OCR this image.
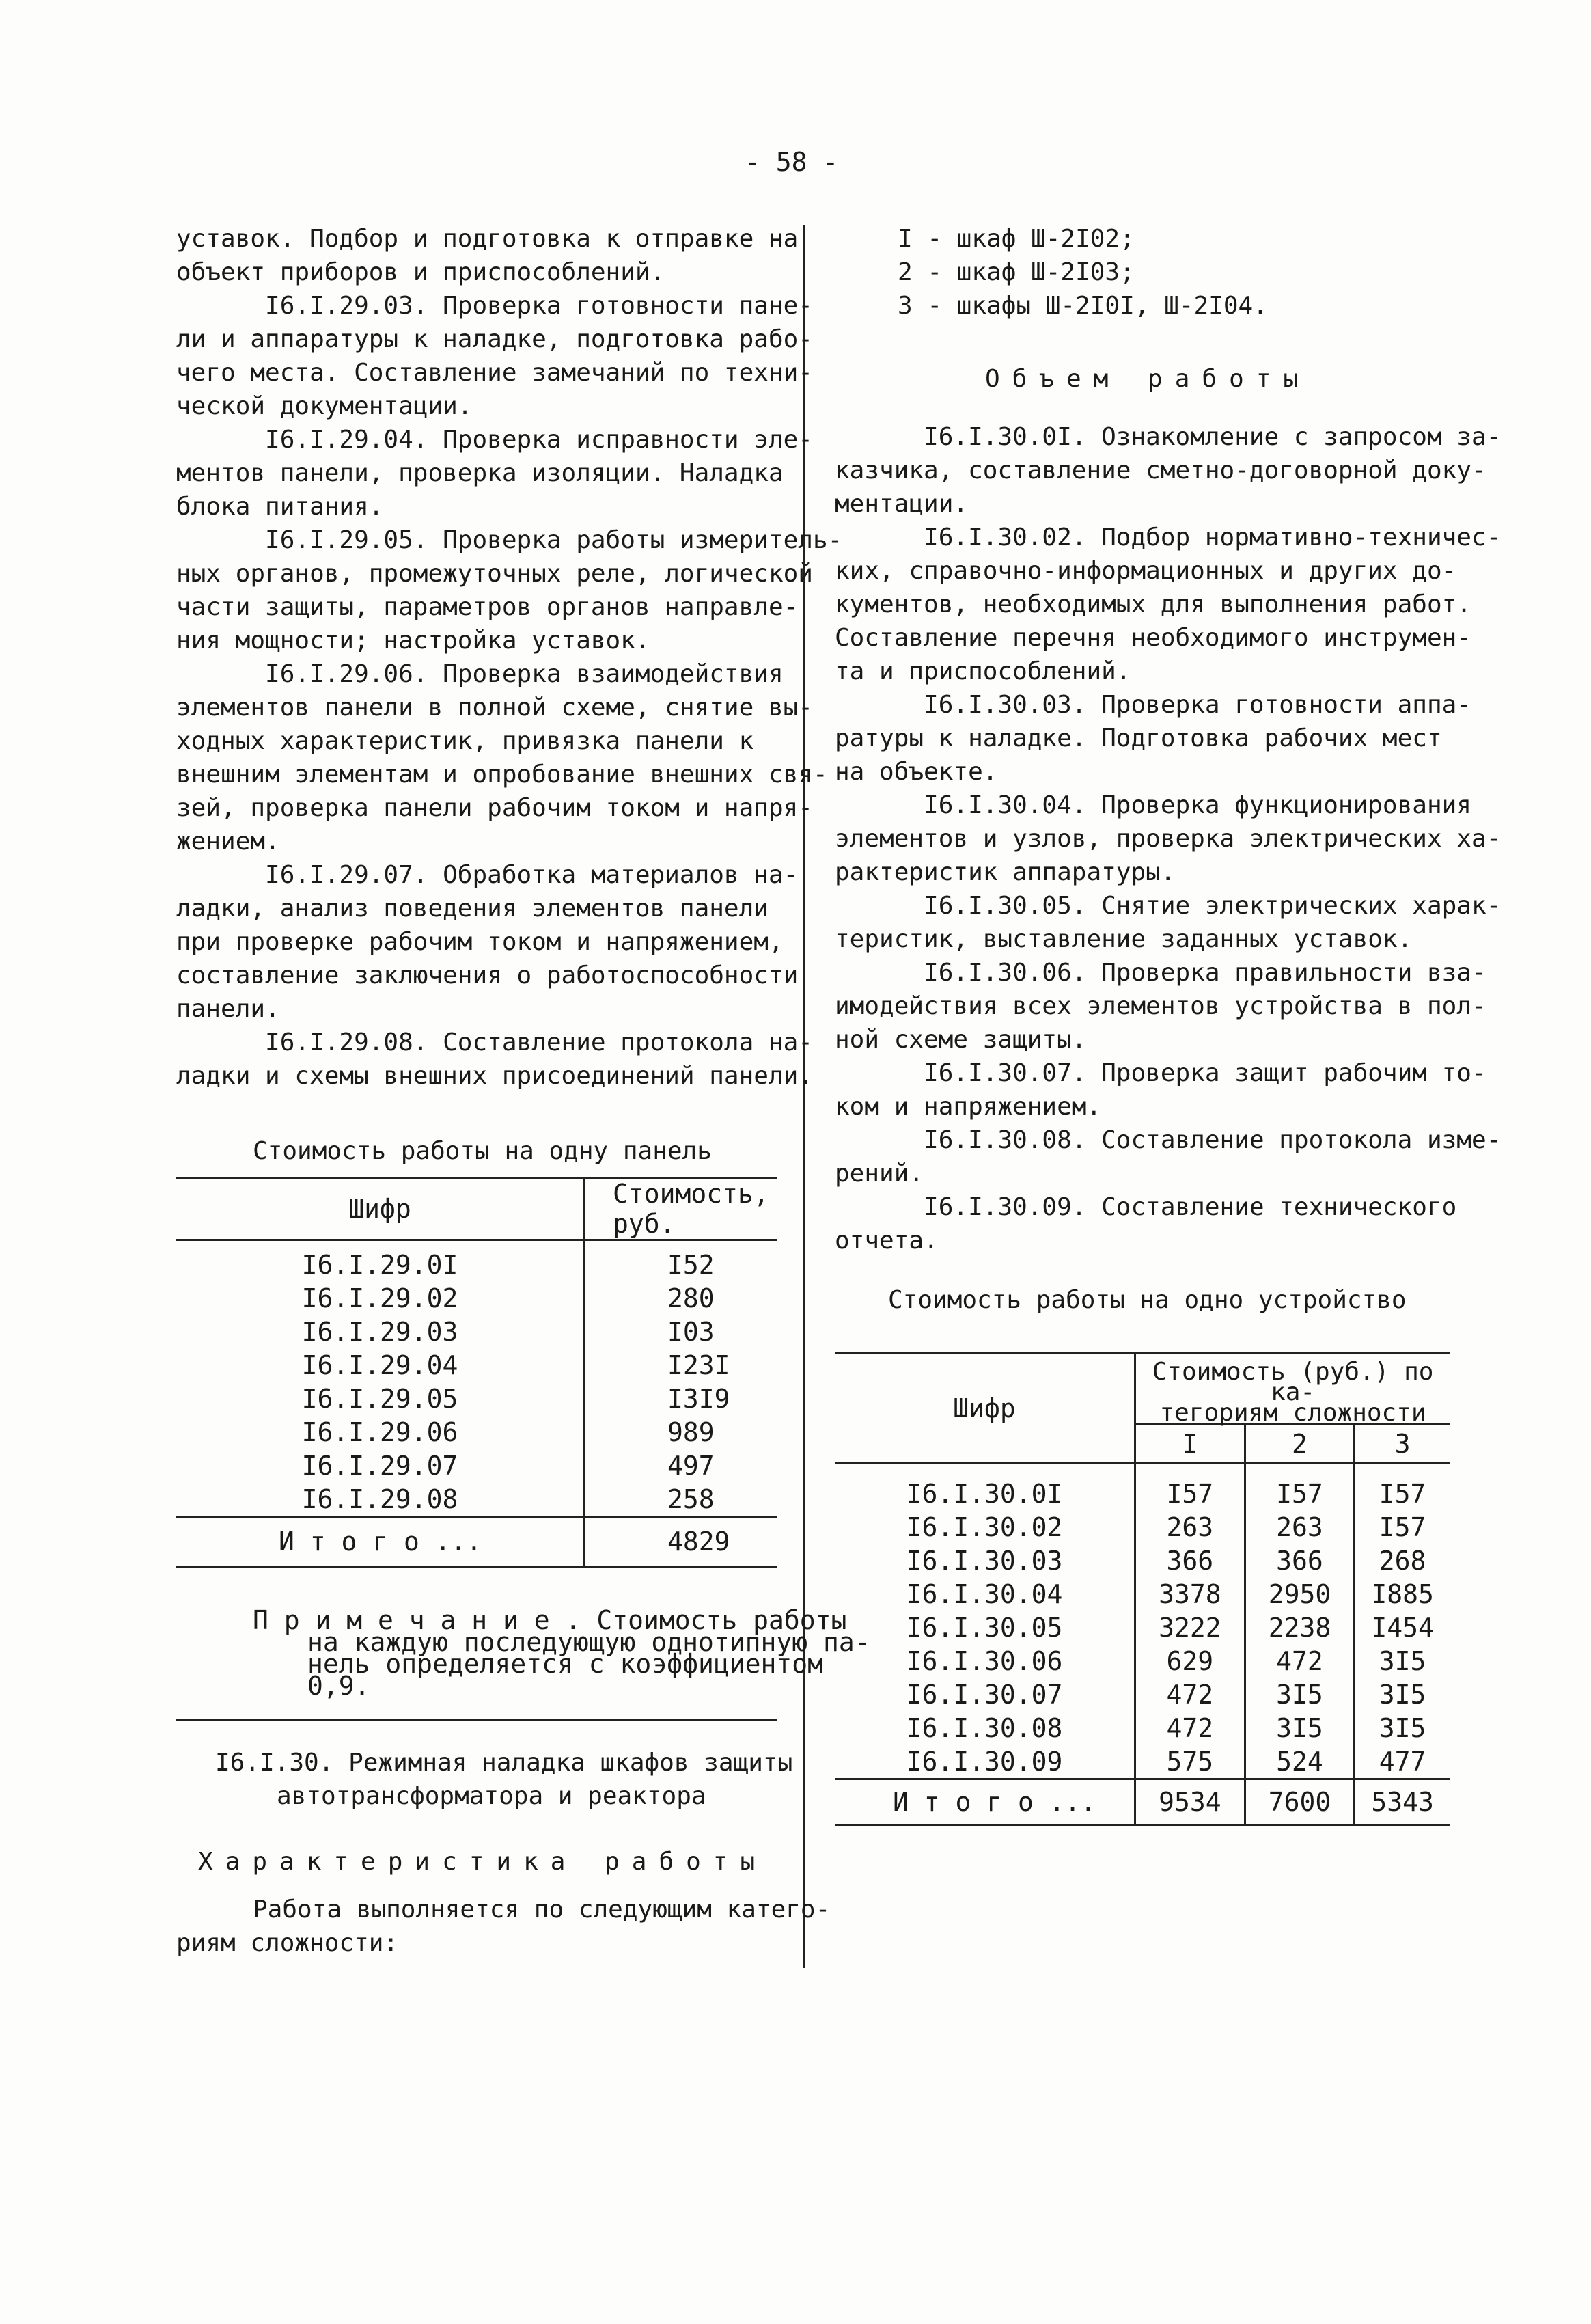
- 58 -
уставок. Подбор и подготовка к отправке на
объект приборов и приспособлений.
I6.I.29.03. Проверка готовности пане-
ли и аппаратуры к наладке, подготовка рабо-
чего места. Составление замечаний по техни-
ческой документации.
I6.I.29.04. Проверка исправности эле-
ментов панели, проверка изоляции. Наладка
блока питания.
I6.I.29.05. Проверка работы измеритель-
ных органов, промежуточных реле, логической
части защиты, параметров органов направле-
ния мощности; настройка уставок.
I6.I.29.06. Проверка взаимодействия
элементов панели в полной схеме, снятие вы-
ходных характеристик, привязка панели к
внешним элементам и опробование внешних свя-
зей, проверка панели рабочим током и напря-
жением.
I6.I.29.07. Обработка материалов на-
ладки, анализ поведения элементов панели
при проверке рабочим током и напряжением,
составление заключения о работоспособности
панели.
I6.I.29.08. Составление протокола на-
ладки и схемы внешних присоединений панели.
Стоимость работы на одну панель
Шифр	Стоимость, руб.
I6.I.29.0I	I52
I6.I.29.02	280
I6.I.29.03	I03
I6.I.29.04	I23I
I6.I.29.05	I3I9
I6.I.29.06	989
I6.I.29.07	497
I6.I.29.08	258
И т о г о ...	4829
П р и м е ч а н и е . Стоимость работы
на каждую последующую однотипную па-
нель определяется с коэффициентом
0,9.
I6.I.30. Режимная наладка шкафов защиты
автотрансформатора и реактора
Характеристика работы
Работа выполняется по следующим катего-
риям сложности:
I - шкаф Ш-2I02;
2 - шкаф Ш-2I03;
3 - шкафы Ш-2I0I, Ш-2I04.
Объем работы
I6.I.30.0I. Ознакомление с запросом за-
казчика, составление сметно-договорной доку-
ментации.
I6.I.30.02. Подбор нормативно-техничес-
ких, справочно-информационных и других до-
кументов, необходимых для выполнения работ.
Составление перечня необходимого инструмен-
та и приспособлений.
I6.I.30.03. Проверка готовности аппа-
ратуры к наладке. Подготовка рабочих мест
на объекте.
I6.I.30.04. Проверка функционирования
элементов и узлов, проверка электрических ха-
рактеристик аппаратуры.
I6.I.30.05. Снятие электрических харак-
теристик, выставление заданных уставок.
I6.I.30.06. Проверка правильности вза-
имодействия всех элементов устройства в пол-
ной схеме защиты.
I6.I.30.07. Проверка защит рабочим то-
ком и напряжением.
I6.I.30.08. Составление протокола изме-
рений.
I6.I.30.09. Составление технического
отчета.
Стоимость работы на одно устройство
Шифр	Стоимость (руб.) по ка-
тегориям сложности		

	I	2	3
I6.I.30.0I	I57	I57	I57
I6.I.30.02	263	263	I57
I6.I.30.03	366	366	268
I6.I.30.04	3378	2950	I885
I6.I.30.05	3222	2238	I454
I6.I.30.06	629	472	3I5
I6.I.30.07	472	3I5	3I5
I6.I.30.08	472	3I5	3I5
I6.I.30.09	575	524	477
И т о г о ...	9534	7600	5343
